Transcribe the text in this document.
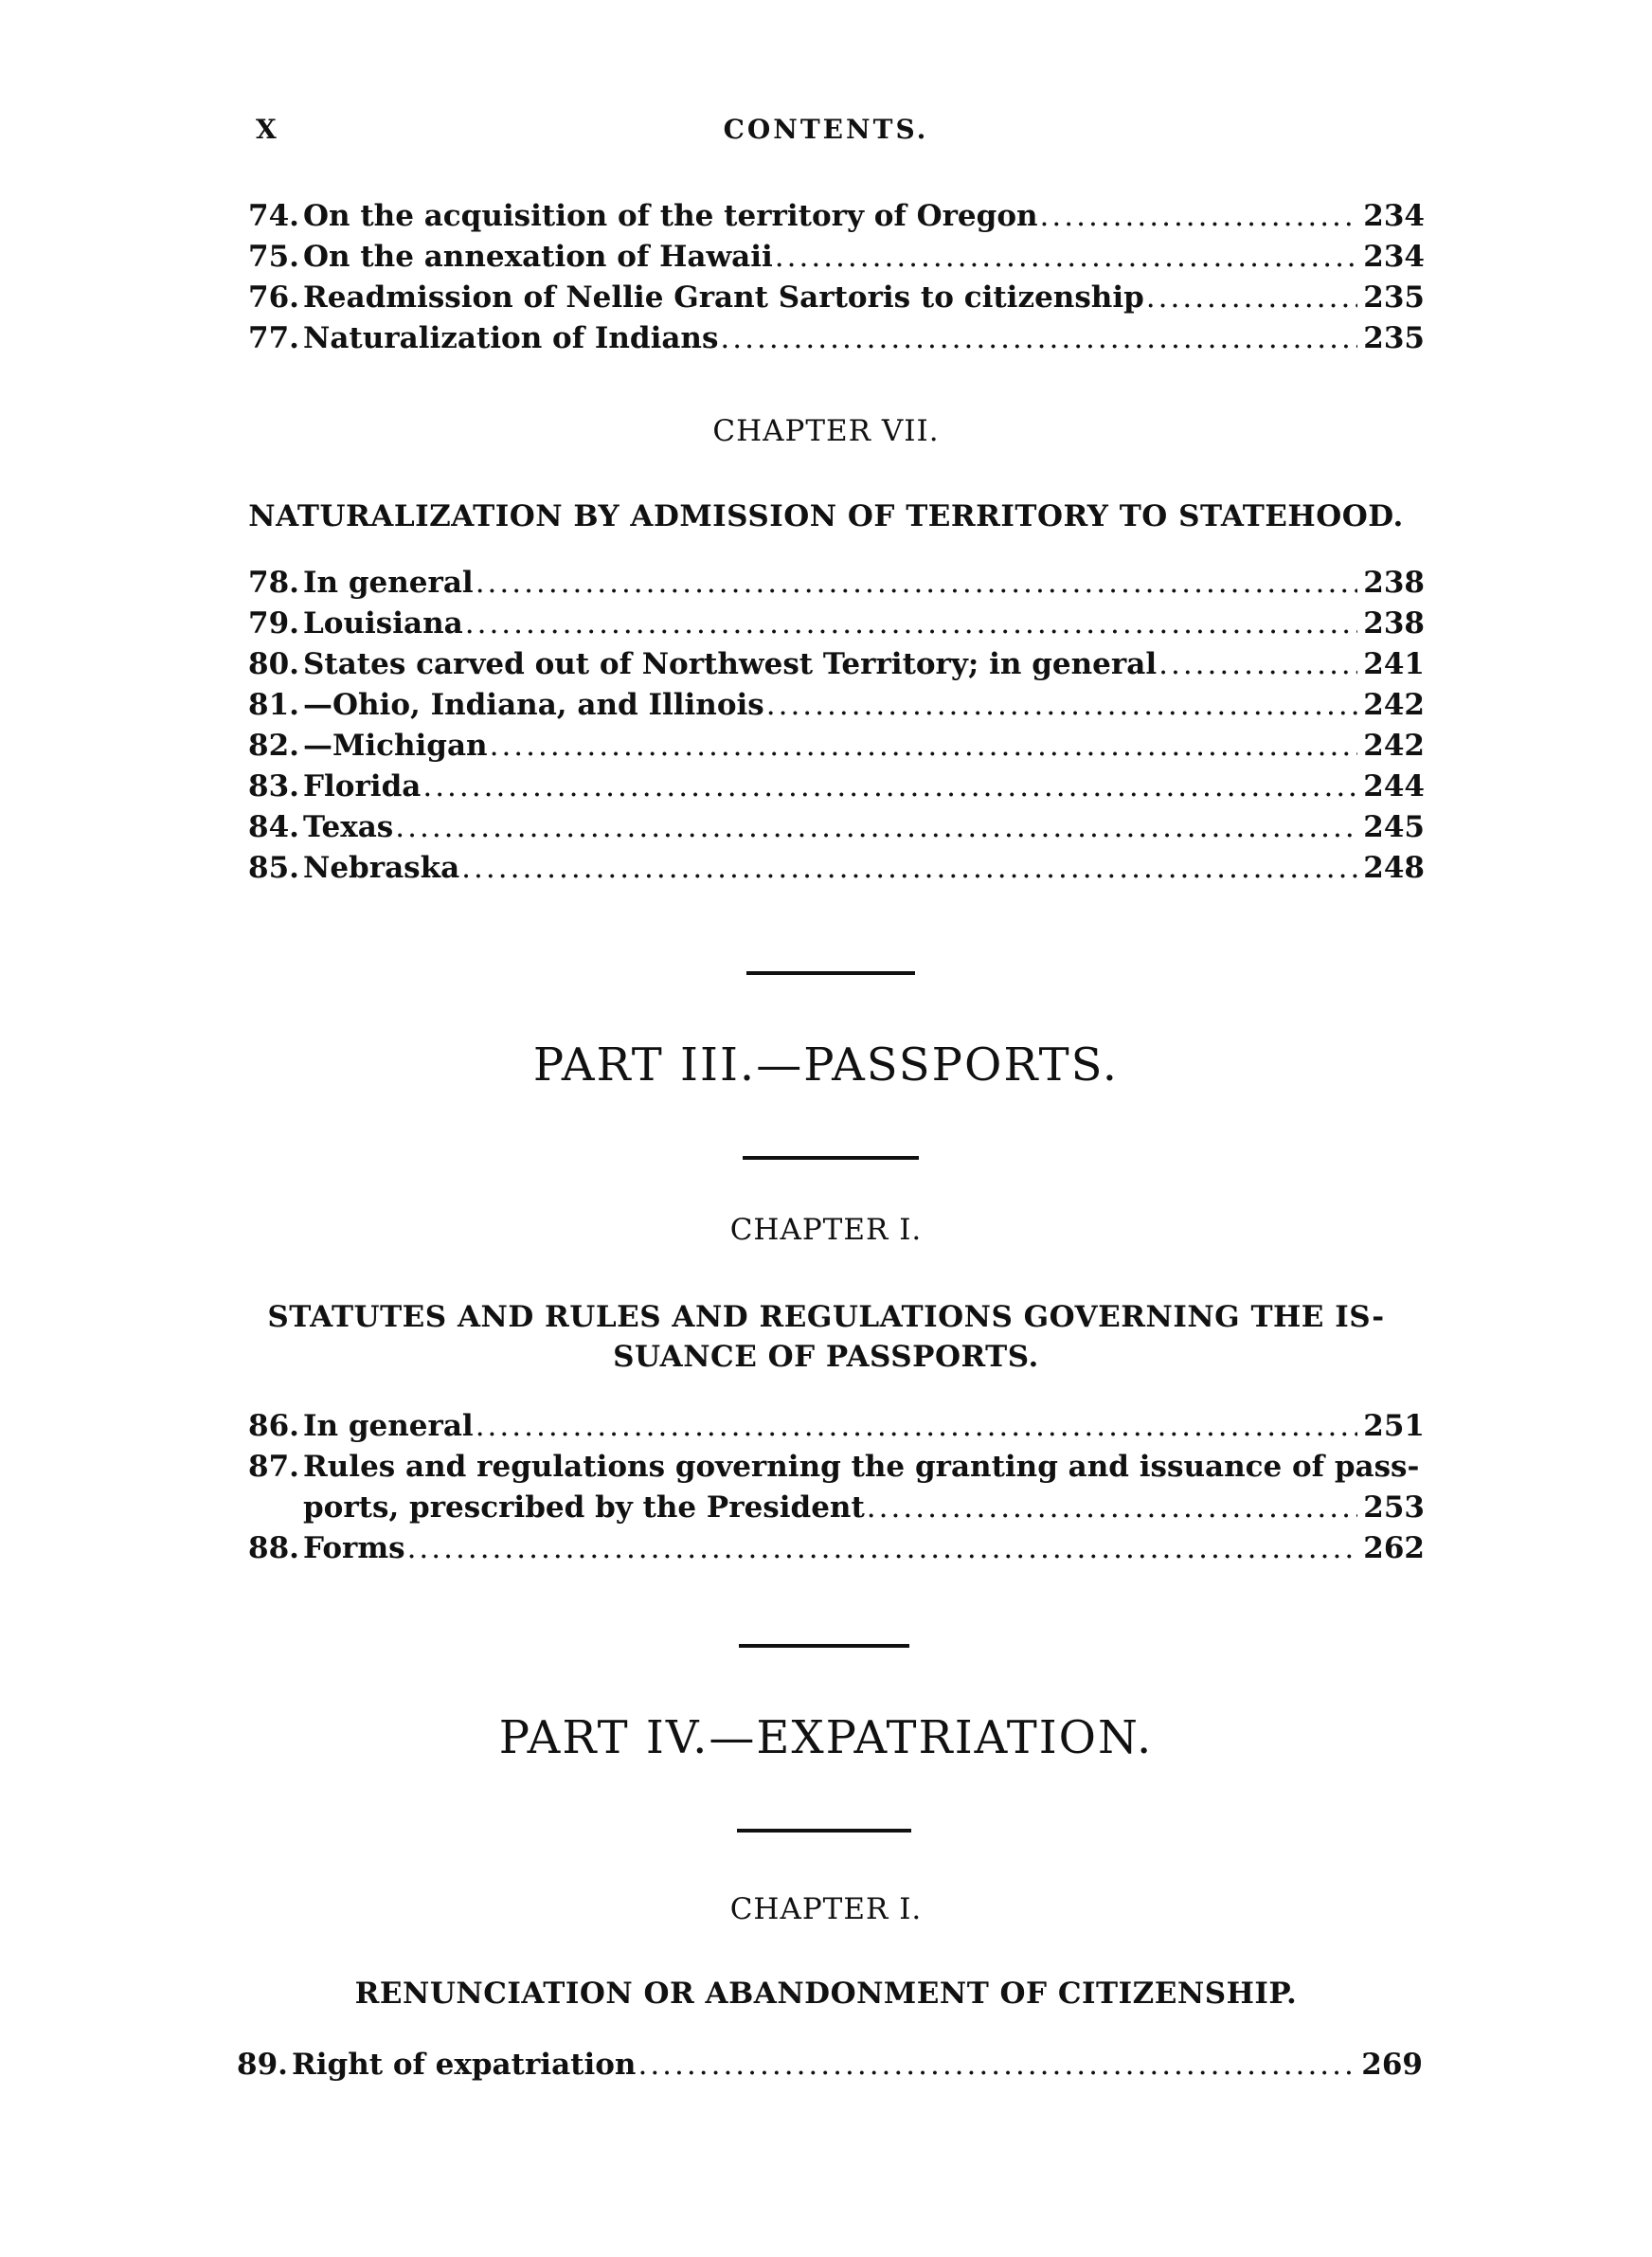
CONTENTS.
X
74. On the acquisition of the territory of Oregon .....	234
75. On the annexation of Hawaii .....	234
76. Readmission of Nellie Grant Sartoris to citizenship .....	235
77. Naturalization of Indians .....	235
CHAPTER VII.
NATURALIZATION BY ADMISSION OF TERRITORY TO STATEHOOD.
78. In general .....	238
79. Louisiana .....	238
80. States carved out of Northwest Territory; in general .....	241
81. —Ohio, Indiana, and Illinois .....	242
82. —Michigan .....	242
83. Florida .....	244
84. Texas .....	245
85. Nebraska .....	248
PART III.—PASSPORTS.
CHAPTER I.
STATUTES AND RULES AND REGULATIONS GOVERNING THE IS-
SUANCE OF PASSPORTS.
86. In general .....	251
87. Rules and regulations governing the granting and issuance of pass-
ports, prescribed by the President .....	253
88. Forms .....	262
PART IV.—EXPATRIATION.
CHAPTER I.
RENUNCIATION OR ABANDONMENT OF CITIZENSHIP.
89. Right of expatriation .....	269
